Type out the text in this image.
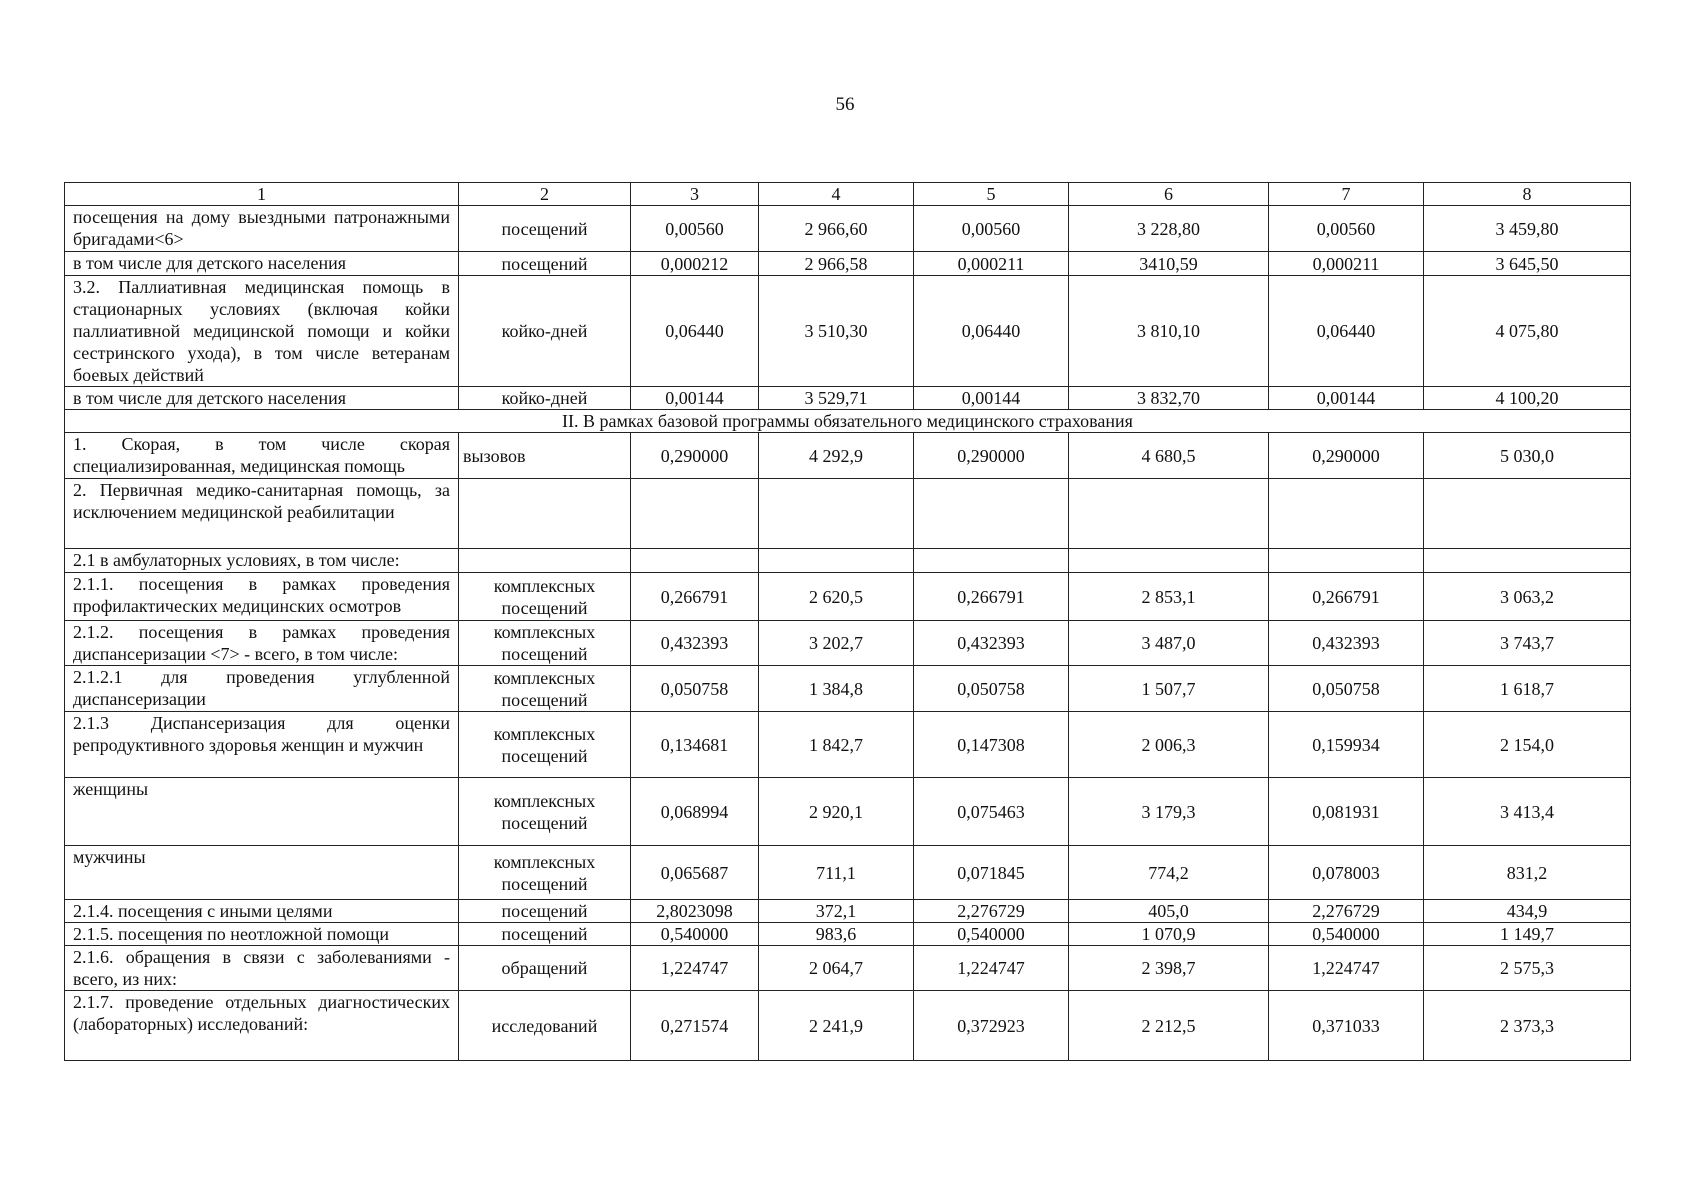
56
1	2	3	4	5	6	7	8
посещения на дому выездными патронажными бригадами<6>	посещений	0,00560	2 966,60	0,00560	3 228,80	0,00560	3 459,80
в том числе для детского населения	посещений	0,000212	2 966,58	0,000211	3410,59	0,000211	3 645,50
3.2. Паллиативная медицинская помощь в стационарных условиях (включая койки паллиативной медицинской помощи и койки сестринского ухода), в том числе ветеранам боевых действий	койко-дней	0,06440	3 510,30	0,06440	3 810,10	0,06440	4 075,80
в том числе для детского населения	койко-дней	0,00144	3 529,71	0,00144	3 832,70	0,00144	4 100,20
II. В рамках базовой программы обязательного медицинского страхования							
1. Скорая, в том числе скорая специализированная, медицинская помощь	вызовов	0,290000	4 292,9	0,290000	4 680,5	0,290000	5 030,0
2. Первичная медико-санитарная помощь, за исключением медицинской реабилитации							
2.1 в амбулаторных условиях, в том числе:							
2.1.1. посещения в рамках проведения профилактических медицинских осмотров	комплексных посещений	0,266791	2 620,5	0,266791	2 853,1	0,266791	3 063,2
2.1.2. посещения в рамках проведения диспансеризации <7> - всего, в том числе:	комплексных посещений	0,432393	3 202,7	0,432393	3 487,0	0,432393	3 743,7
2.1.2.1 для проведения углубленной диспансеризации	комплексных посещений	0,050758	1 384,8	0,050758	1 507,7	0,050758	1 618,7
2.1.3 Диспансеризация для оценки репродуктивного здоровья женщин и мужчин	комплексных посещений	0,134681	1 842,7	0,147308	2 006,3	0,159934	2 154,0
женщины	комплексных посещений	0,068994	2 920,1	0,075463	3 179,3	0,081931	3 413,4
мужчины	комплексных посещений	0,065687	711,1	0,071845	774,2	0,078003	831,2
2.1.4. посещения с иными целями	посещений	2,8023098	372,1	2,276729	405,0	2,276729	434,9
2.1.5. посещения по неотложной помощи	посещений	0,540000	983,6	0,540000	1 070,9	0,540000	1 149,7
2.1.6. обращения в связи с заболеваниями - всего, из них:	обращений	1,224747	2 064,7	1,224747	2 398,7	1,224747	2 575,3
2.1.7. проведение отдельных диагностических (лабораторных) исследований:	исследований	0,271574	2 241,9	0,372923	2 212,5	0,371033	2 373,3
